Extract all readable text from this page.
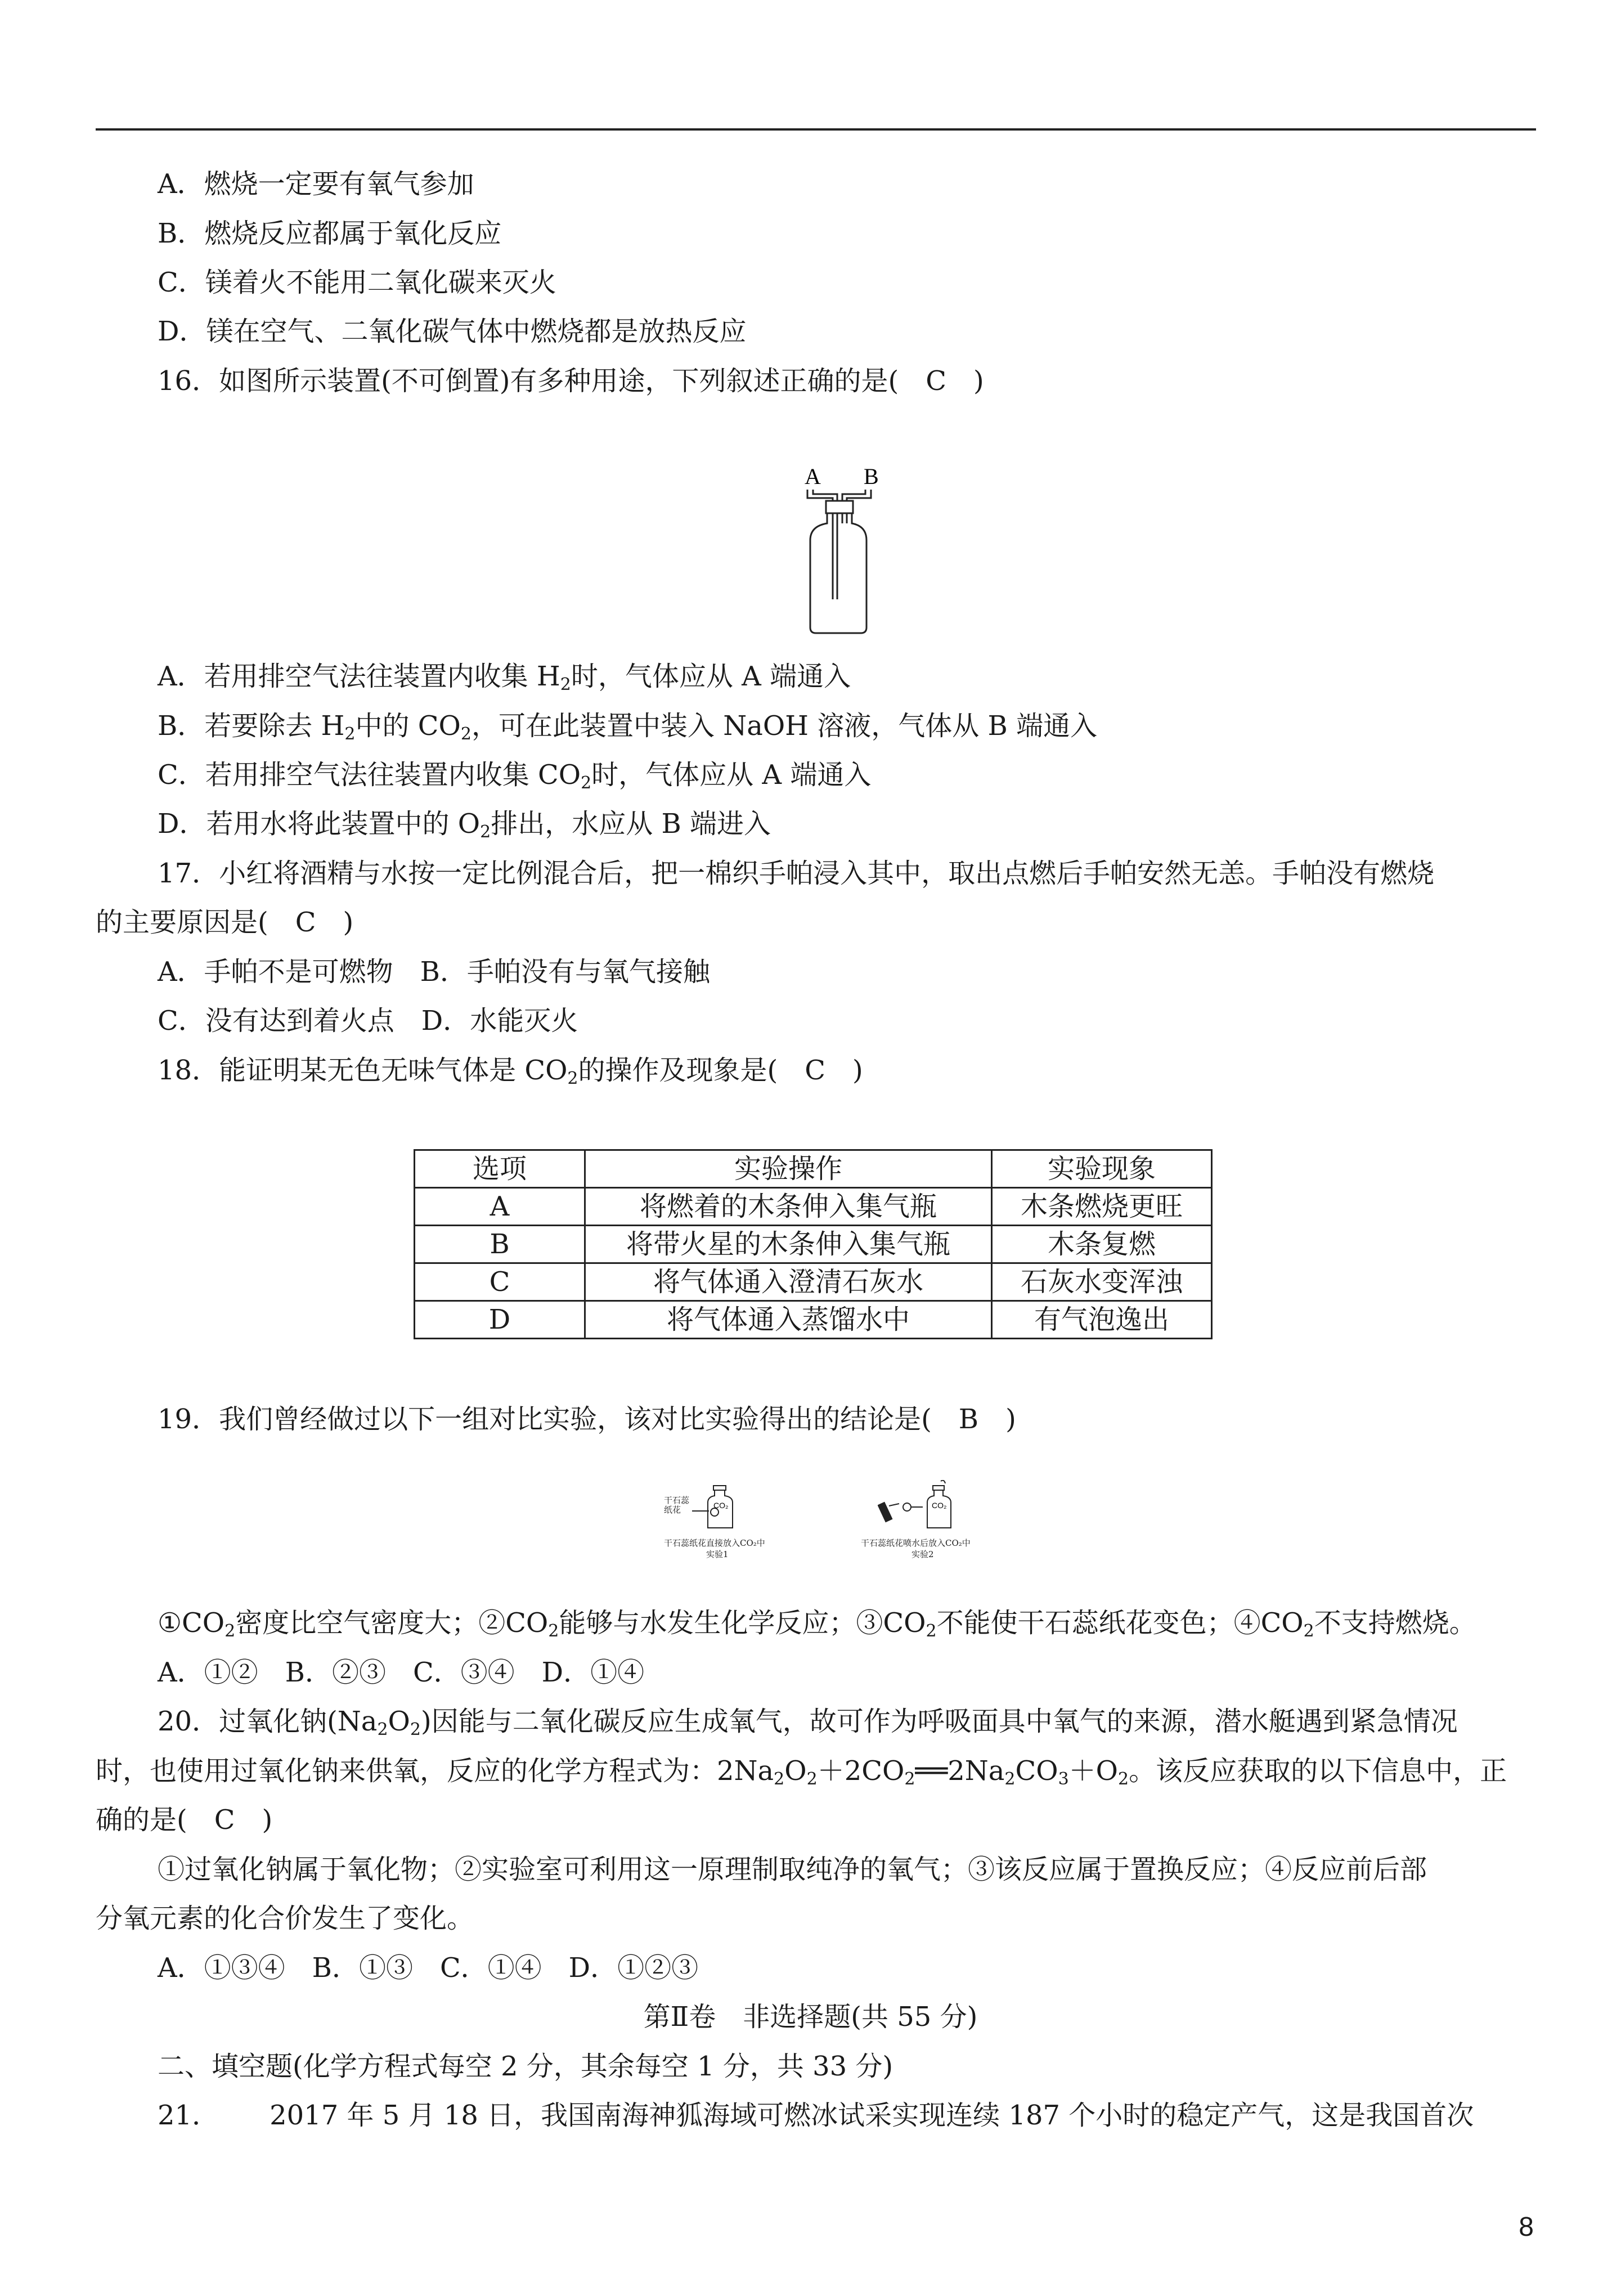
A．燃烧一定要有氧气参加
B．燃烧反应都属于氧化反应
C．镁着火不能用二氧化碳来灭火
D．镁在空气、二氧化碳气体中燃烧都是放热反应
16．如图所示装置(不可倒置)有多种用途，下列叙述正确的是(　C　)
A B
A．若用排空气法往装置内收集 $H_2$时，气体应从 A 端通入
B．若要除去 $H_2$中的 $CO_2$，可在此装置中装入 NaOH 溶液，气体从 B 端通入
C．若用排空气法往装置内收集 $CO_2$时，气体应从 A 端通入
D．若用水将此装置中的 $O_2$排出，水应从 B 端进入
17．小红将酒精与水按一定比例混合后，把一棉织手帕浸入其中，取出点燃后手帕安然无恙。手帕没有燃烧
的主要原因是(　C　)
A．手帕不是可燃物　B．手帕没有与氧气接触
C．没有达到着火点　D．水能灭火
18．能证明某无色无味气体是 $CO_2$的操作及现象是(　C　)
选项	实验操作	实验现象
A	将燃着的木条伸入集气瓶	木条燃烧更旺
B	将带火星的木条伸入集气瓶	木条复燃
C	将气体通入澄清石灰水	石灰水变浑浊
D	将气体通入蒸馏水中	有气泡逸出
19．我们曾经做过以下一组对比实验，该对比实验得出的结论是(　B　)
干石蕊
纸花	CO₂
干石蕊纸花直接放入CO₂中
实验1
CO₂
干石蕊纸花喷水后放入CO₂中
实验2
$①CO_2$密度比空气密度大；$②CO_2$能够与水发生化学反应；$③CO_2$不能使干石蕊纸花变色；$④CO_2$不支持燃烧。
A．①②　B．②③　C．③④　D．①④
20．过氧化钠$(Na_2O_2)$因能与二氧化碳反应生成氧气，故可作为呼吸面具中氧气的来源，潜水艇遇到紧急情况
时，也使用过氧化钠来供氧，反应的化学方程式为：$2Na_2O_2+2CO_2══2Na_2CO_3+O_2$。该反应获取的以下信息中，正
确的是(　C　)
①过氧化钠属于氧化物；②实验室可利用这一原理制取纯净的氧气；③该反应属于置换反应；④反应前后部
分氧元素的化合价发生了变化。
A．①③④　B．①③　C．①④　D．①②③
第Ⅱ卷　非选择题(共 55 分)
二、填空题(化学方程式每空 2 分，其余每空 1 分，共 33 分)
21． 2017 年 5 月 18 日，我国南海神狐海域可燃冰试采实现连续 187 个小时的稳定产气，这是我国首次
8
